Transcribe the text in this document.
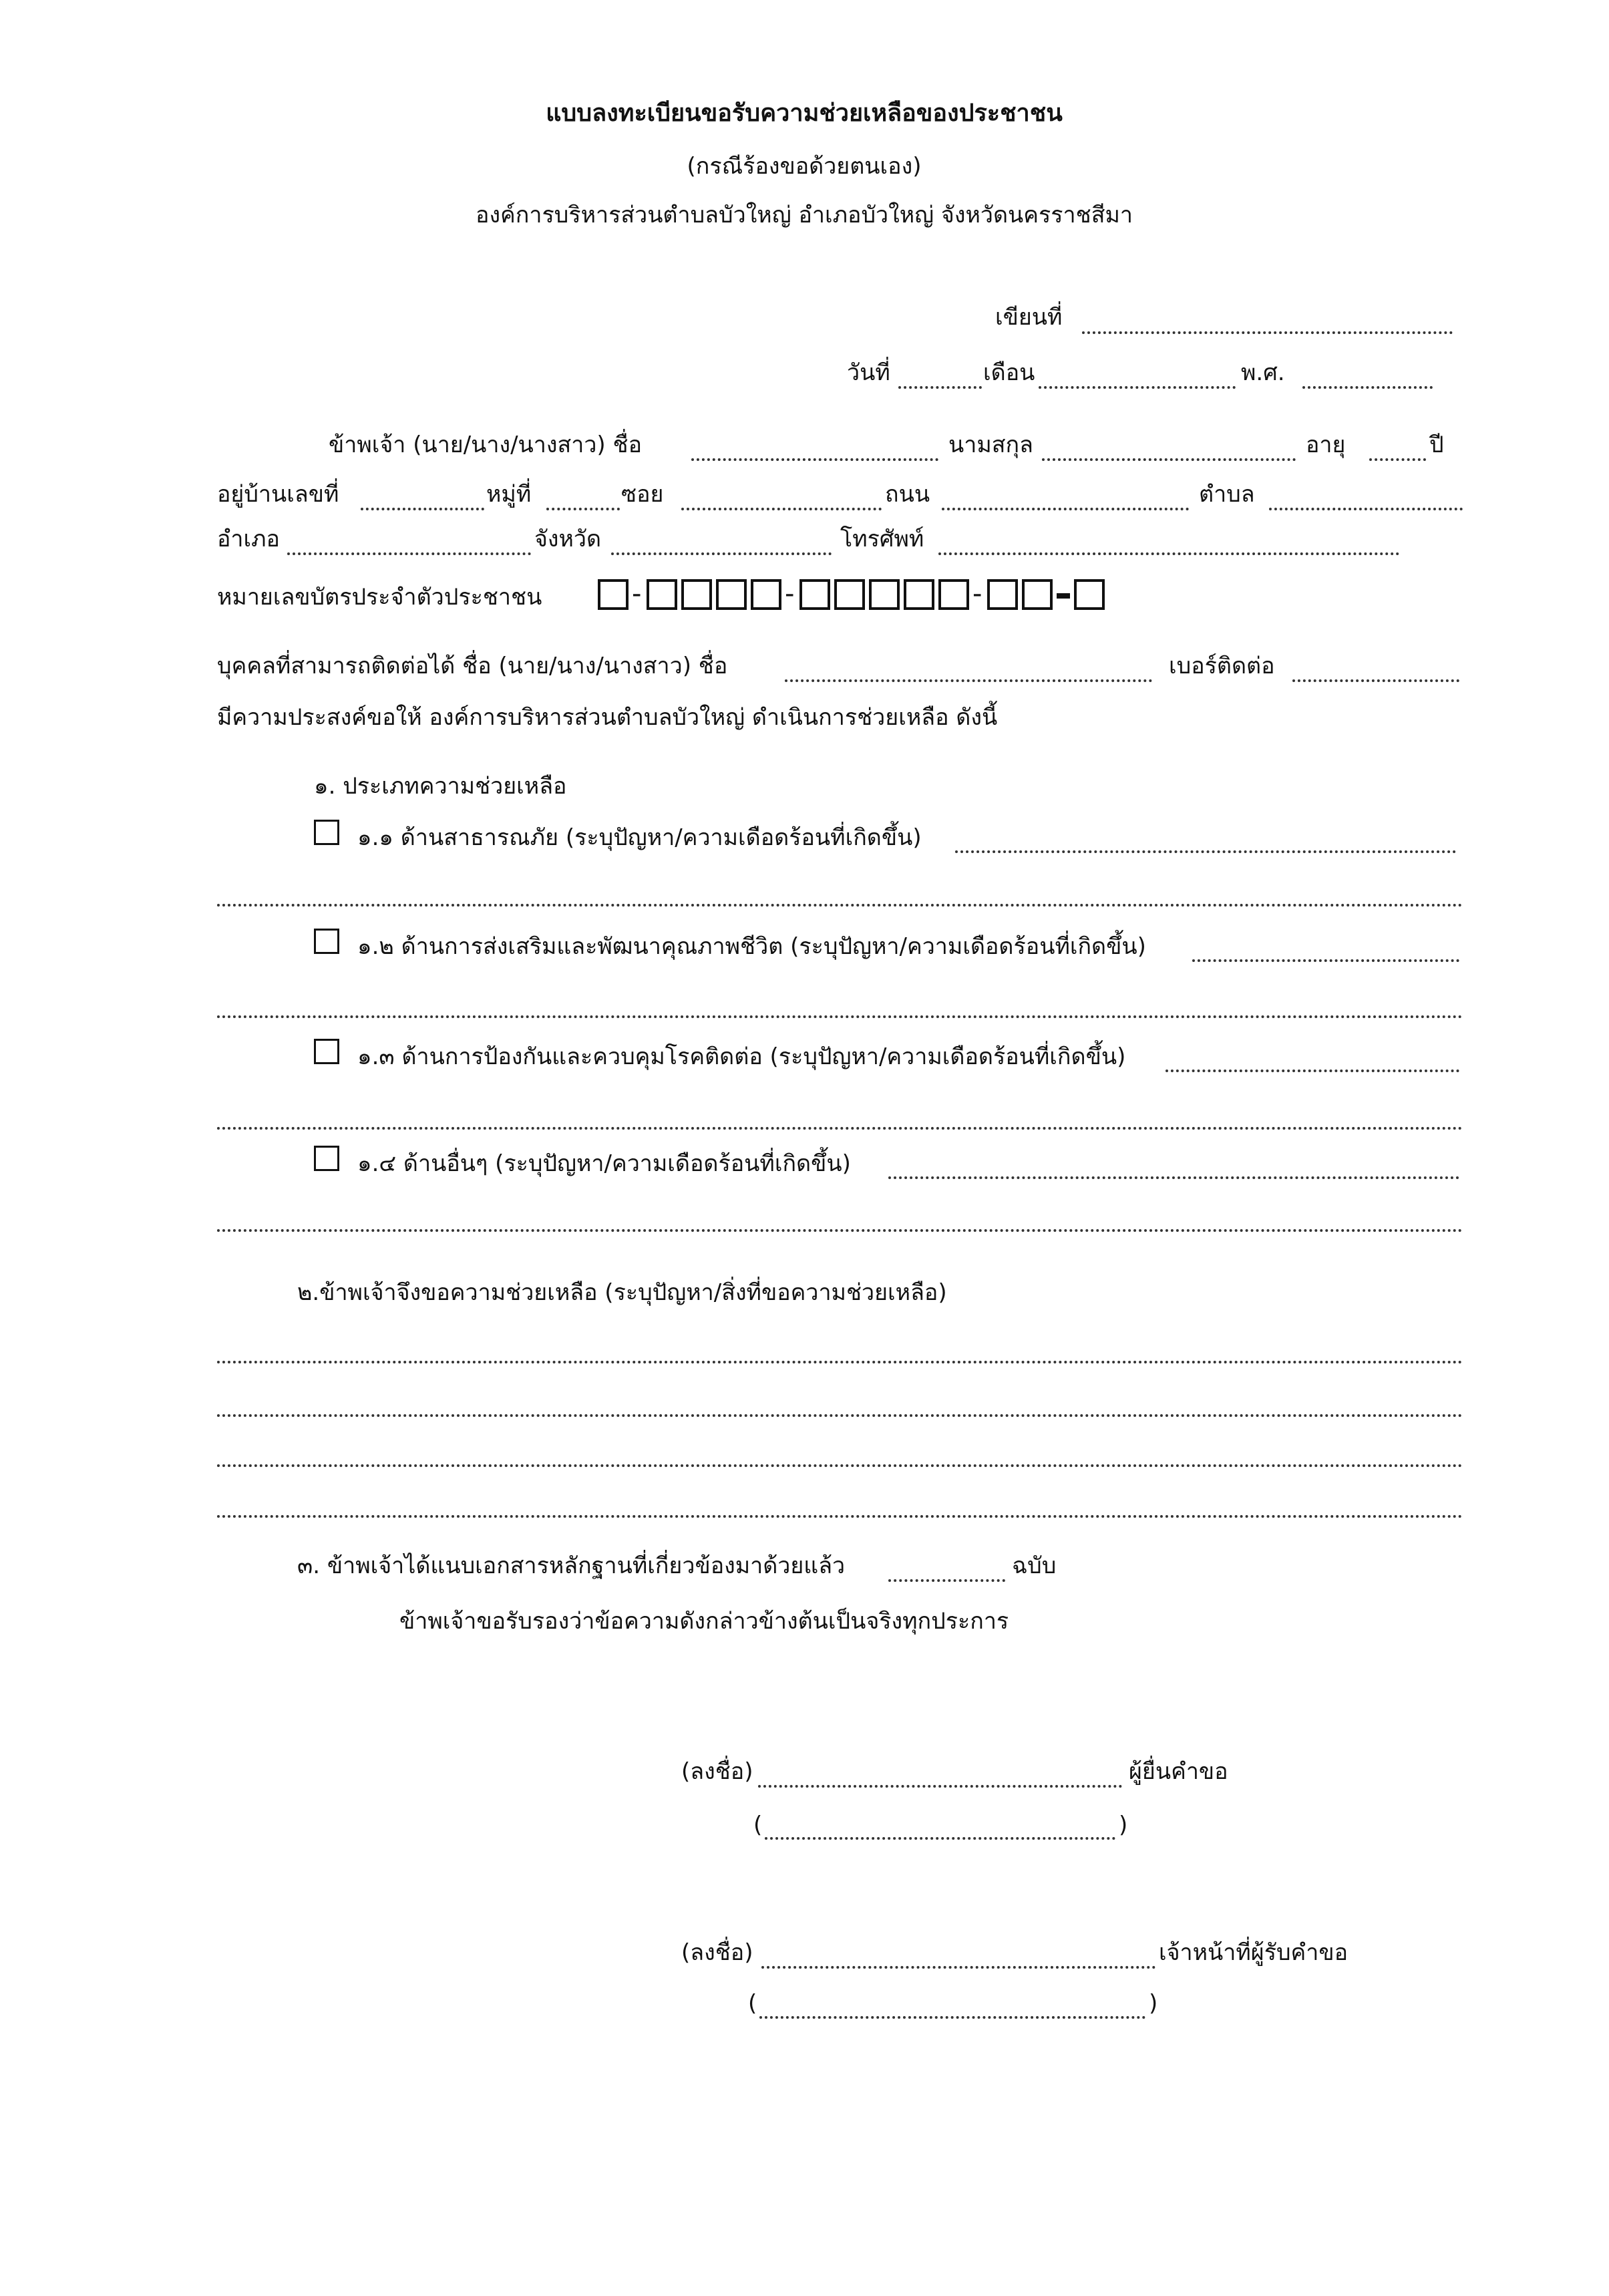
แบบลงทะเบียนขอรับความช่วยเหลือของประชาชน
(กรณีร้องขอด้วยตนเอง)
องค์การบริหารส่วนตำบลบัวใหญ่ อำเภอบัวใหญ่ จังหวัดนครราชสีมา
เขียนที่
วันที่	เดือน	พ.ศ.
ข้าพเจ้า (นาย/นาง/นางสาว) ชื่อ	นามสกุล	อายุ	ปี
อยู่บ้านเลขที่	หมู่ที่	ซอย	ถนน	ตำบล
อำเภอ	จังหวัด	โทรศัพท์
หมายเลขบัตรประจำตัวประชาชน	-	-	-
บุคคลที่สามารถติดต่อได้ ชื่อ (นาย/นาง/นางสาว) ชื่อ	เบอร์ติดต่อ
มีความประสงค์ขอให้ องค์การบริหารส่วนตำบลบัวใหญ่ ดำเนินการช่วยเหลือ ดังนี้
๑. ประเภทความช่วยเหลือ
๑.๑ ด้านสาธารณภัย (ระบุปัญหา/ความเดือดร้อนที่เกิดขึ้น)
๑.๒ ด้านการส่งเสริมและพัฒนาคุณภาพชีวิต (ระบุปัญหา/ความเดือดร้อนที่เกิดขึ้น)
๑.๓ ด้านการป้องกันและควบคุมโรคติดต่อ (ระบุปัญหา/ความเดือดร้อนที่เกิดขึ้น)
๑.๔ ด้านอื่นๆ (ระบุปัญหา/ความเดือดร้อนที่เกิดขึ้น)
๒.ข้าพเจ้าจึงขอความช่วยเหลือ (ระบุปัญหา/สิ่งที่ขอความช่วยเหลือ)
๓. ข้าพเจ้าได้แนบเอกสารหลักฐานที่เกี่ยวข้องมาด้วยแล้ว	ฉบับ
ข้าพเจ้าขอรับรองว่าข้อความดังกล่าวข้างต้นเป็นจริงทุกประการ
(ลงชื่อ)	ผู้ยื่นคำขอ
(	)
(ลงชื่อ)	เจ้าหน้าที่ผู้รับคำขอ
(	)
